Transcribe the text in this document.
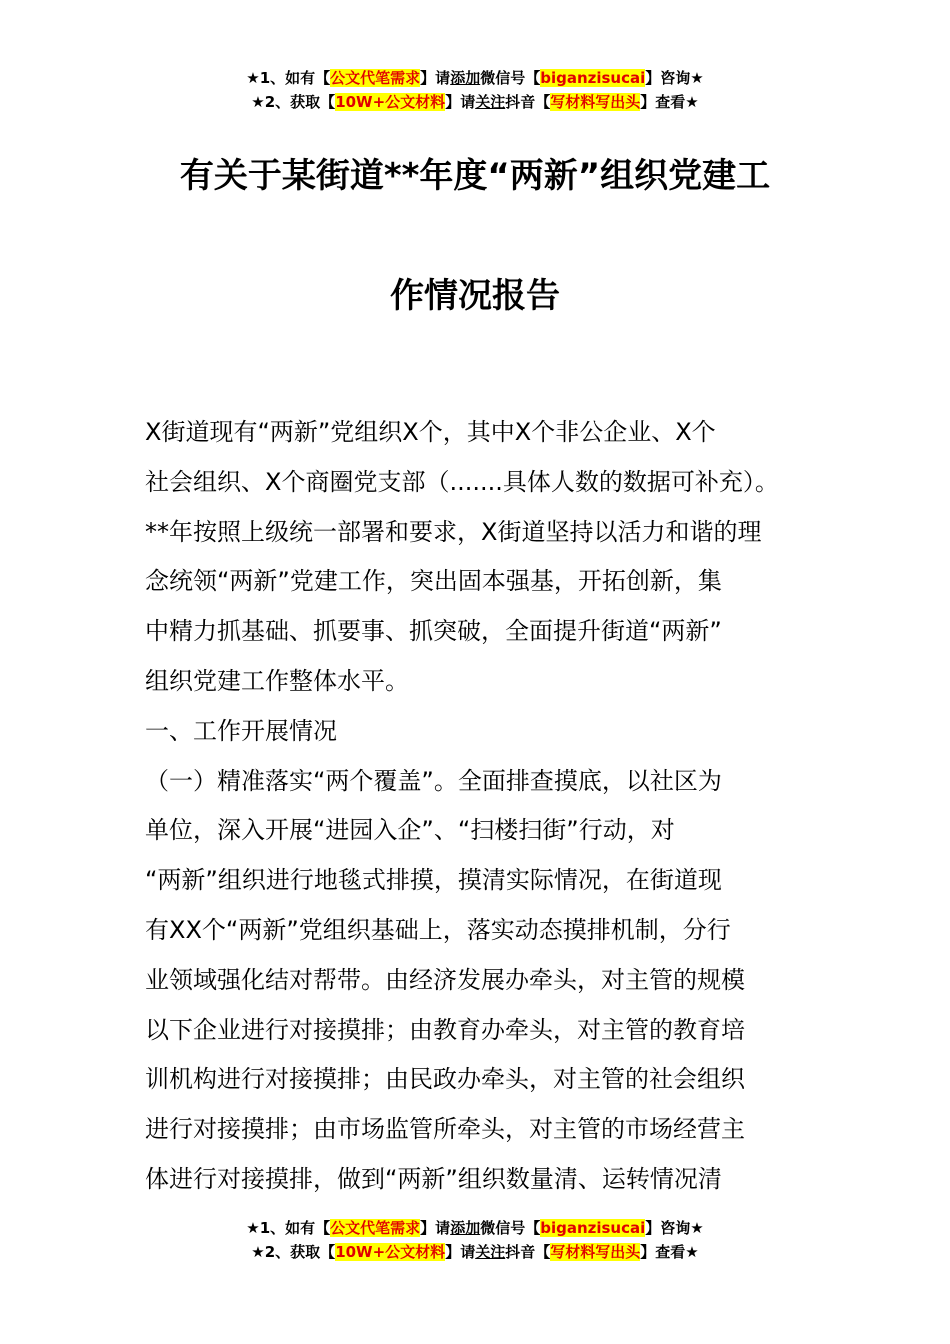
★1、如有【公文代笔需求】请添加微信号【biganzisucai】咨询★
★2、获取【10W+公文材料】请关注抖音【写材料写出头】查看★
有关于某街道**年度“两新”组织党建工
作情况报告
X街道现有“两新”党组织X个，其中X个非公企业、X个
社会组织、X个商圈党支部（.......具体人数的数据可补充）。
**年按照上级统一部署和要求，X街道坚持以活力和谐的理
念统领“两新”党建工作，突出固本强基，开拓创新，集
中精力抓基础、抓要事、抓突破，全面提升街道“两新”
组织党建工作整体水平。
一、工作开展情况
（一）精准落实“两个覆盖”。全面排查摸底，以社区为
单位，深入开展“进园入企”、“扫楼扫街”行动，对
“两新”组织进行地毯式排摸，摸清实际情况，在街道现
有XX个“两新”党组织基础上，落实动态摸排机制，分行
业领域强化结对帮带。由经济发展办牵头，对主管的规模
以下企业进行对接摸排；由教育办牵头，对主管的教育培
训机构进行对接摸排；由民政办牵头，对主管的社会组织
进行对接摸排；由市场监管所牵头，对主管的市场经营主
体进行对接摸排，做到“两新”组织数量清、运转情况清
★1、如有【公文代笔需求】请添加微信号【biganzisucai】咨询★
★2、获取【10W+公文材料】请关注抖音【写材料写出头】查看★
